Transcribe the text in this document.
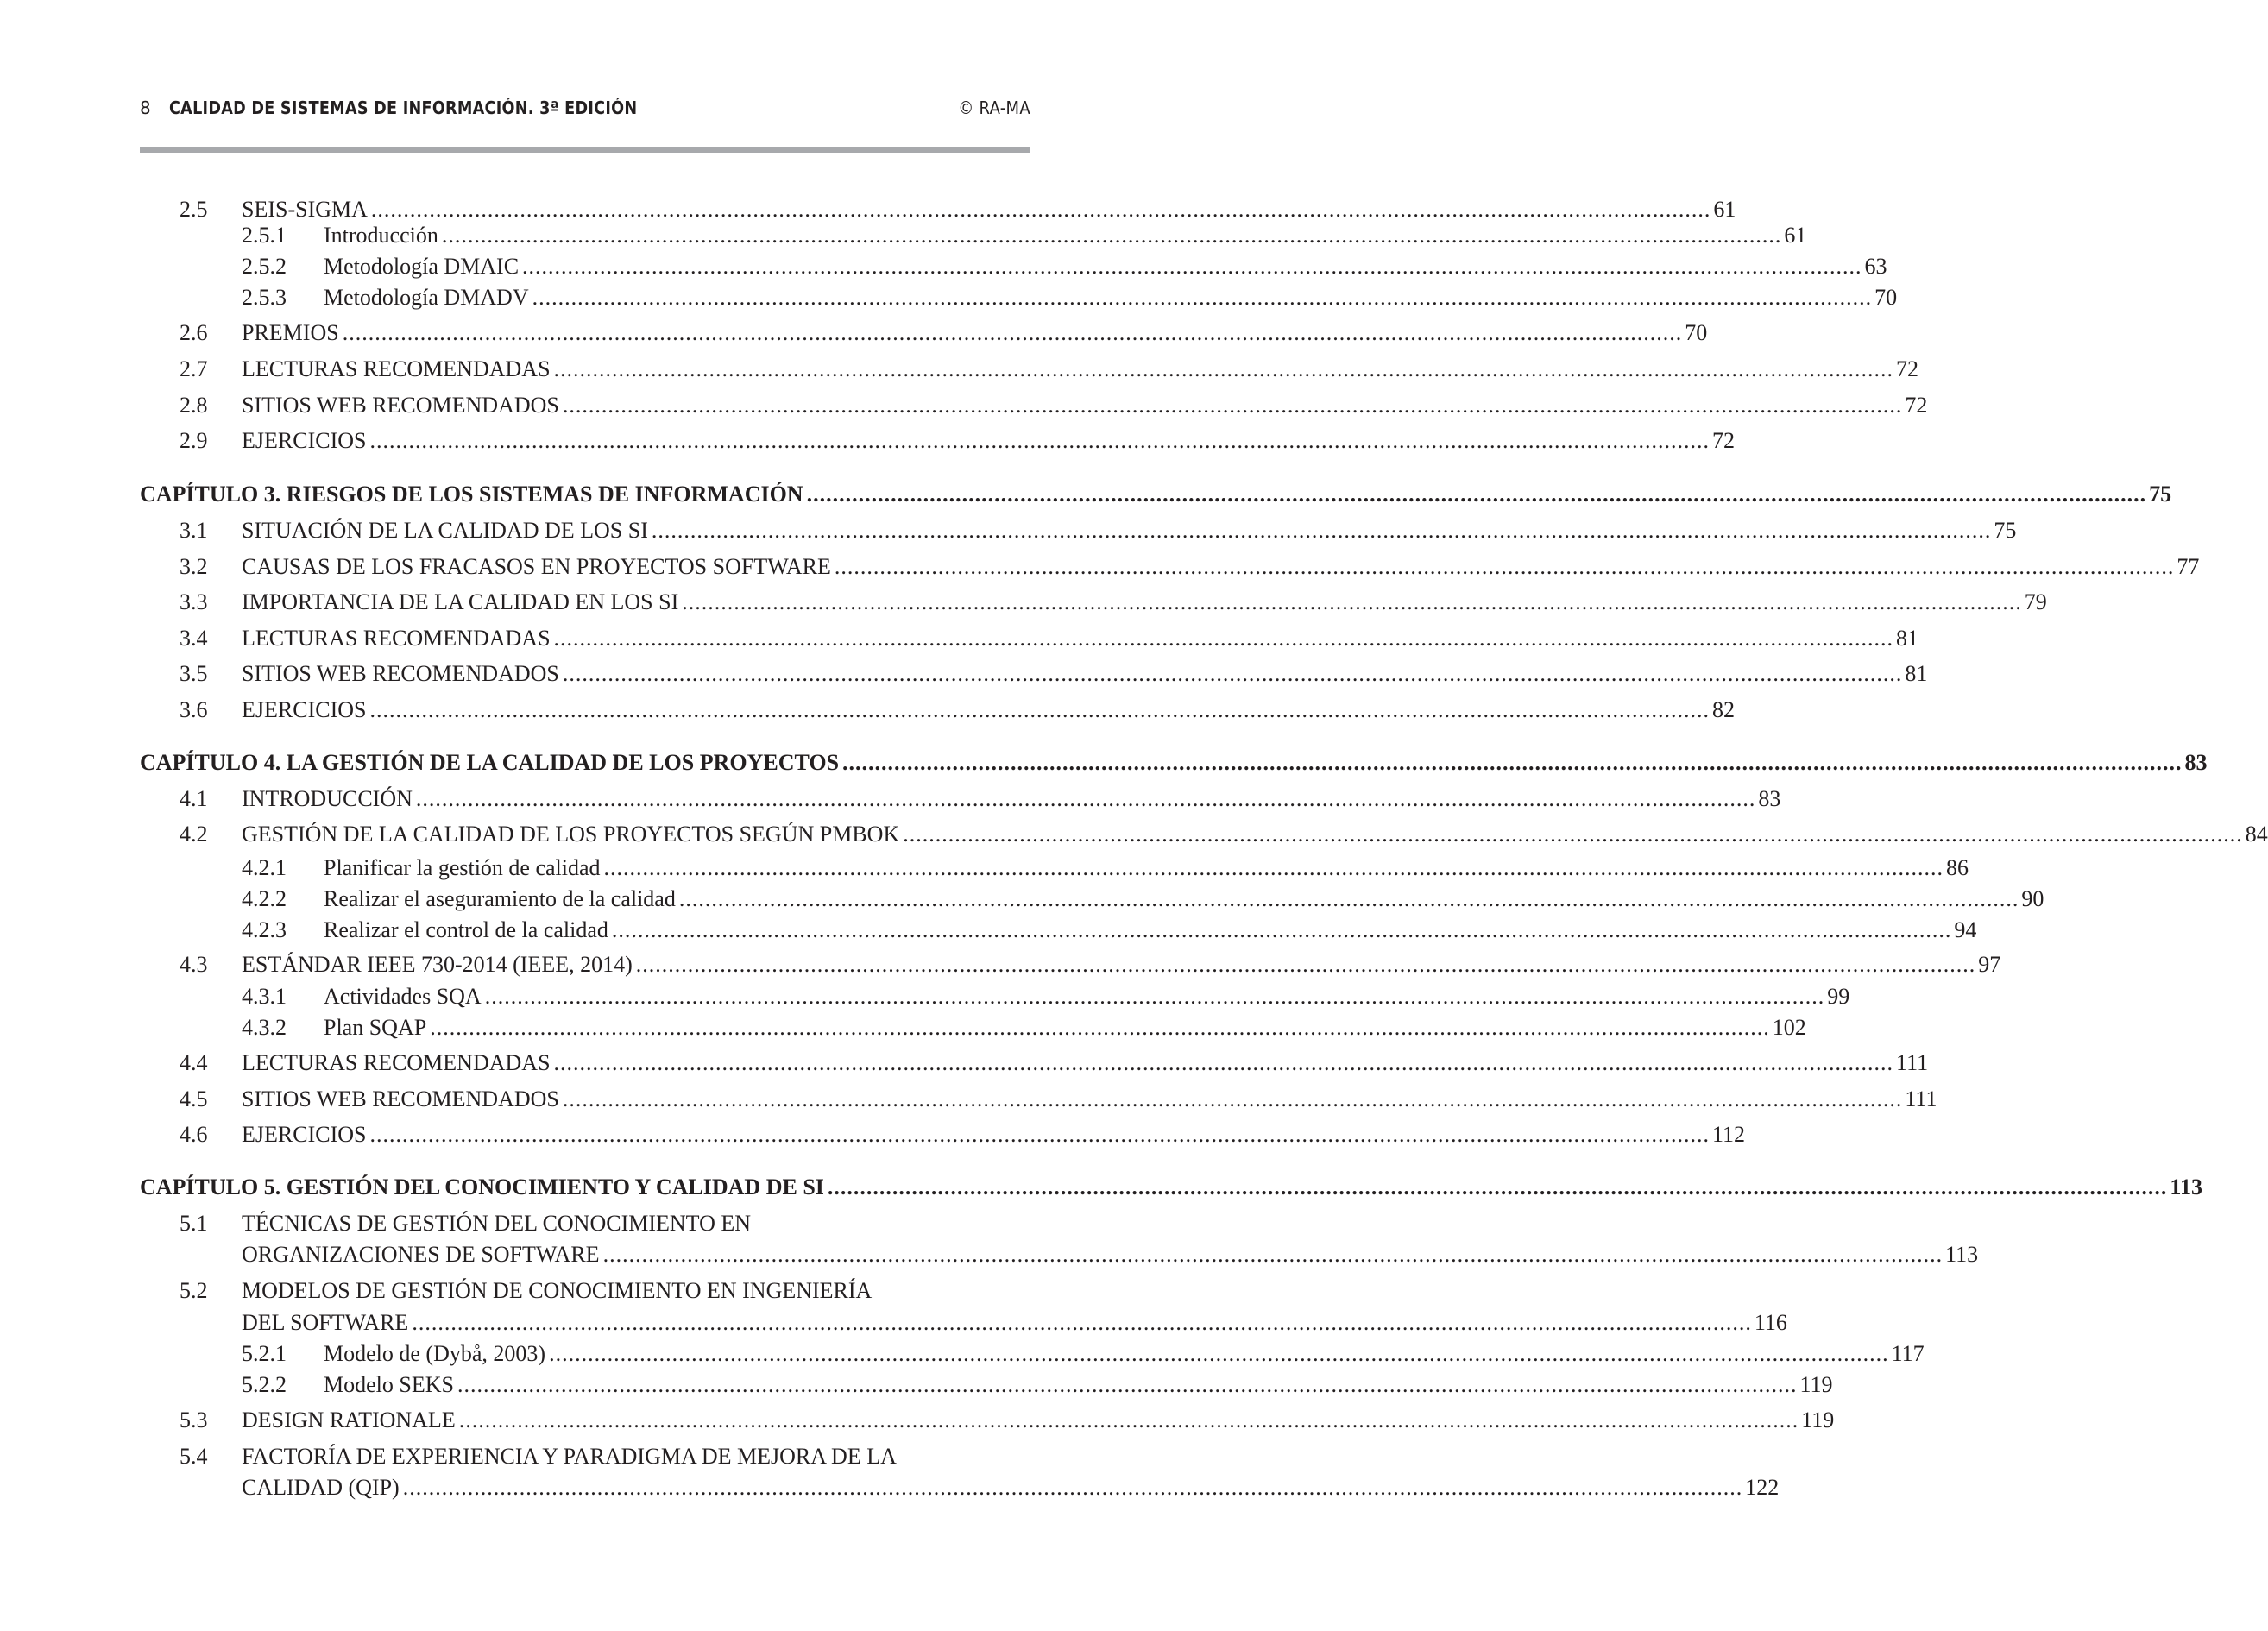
8 CALIDAD DE SISTEMAS DE INFORMACIÓN. 3ª EDICIÓN	© RA-MA
2.5 SEIS-SIGMA ............................................................................................................................................................................................................... 61
2.5.1 Introducción ............................................................................................................................................................................................................... 61
2.5.2 Metodología DMAIC ............................................................................................................................................................................................................... 63
2.5.3 Metodología DMADV ............................................................................................................................................................................................................... 70
2.6 PREMIOS ............................................................................................................................................................................................................... 70
2.7 LECTURAS RECOMENDADAS ............................................................................................................................................................................................................... 72
2.8 SITIOS WEB RECOMENDADOS ............................................................................................................................................................................................................... 72
2.9 EJERCICIOS ............................................................................................................................................................................................................... 72
CAPÍTULO 3. RIESGOS DE LOS SISTEMAS DE INFORMACIÓN ............................................................................................................................................................................................................... 75
3.1 SITUACIÓN DE LA CALIDAD DE LOS SI ............................................................................................................................................................................................................... 75
3.2 CAUSAS DE LOS FRACASOS EN PROYECTOS SOFTWARE ............................................................................................................................................................................................................... 77
3.3 IMPORTANCIA DE LA CALIDAD EN LOS SI ............................................................................................................................................................................................................... 79
3.4 LECTURAS RECOMENDADAS ............................................................................................................................................................................................................... 81
3.5 SITIOS WEB RECOMENDADOS ............................................................................................................................................................................................................... 81
3.6 EJERCICIOS ............................................................................................................................................................................................................... 82
CAPÍTULO 4. LA GESTIÓN DE LA CALIDAD DE LOS PROYECTOS ............................................................................................................................................................................................................... 83
4.1 INTRODUCCIÓN ............................................................................................................................................................................................................... 83
4.2 GESTIÓN DE LA CALIDAD DE LOS PROYECTOS SEGÚN PMBOK ............................................................................................................................................................................................................... 84
4.2.1 Planificar la gestión de calidad ............................................................................................................................................................................................................... 86
4.2.2 Realizar el aseguramiento de la calidad ............................................................................................................................................................................................................... 90
4.2.3 Realizar el control de la calidad ............................................................................................................................................................................................................... 94
4.3 ESTÁNDAR IEEE 730-2014 (IEEE, 2014) ............................................................................................................................................................................................................... 97
4.3.1 Actividades SQA ............................................................................................................................................................................................................... 99
4.3.2 Plan SQAP ............................................................................................................................................................................................................... 102
4.4 LECTURAS RECOMENDADAS ............................................................................................................................................................................................................... 111
4.5 SITIOS WEB RECOMENDADOS ............................................................................................................................................................................................................... 111
4.6 EJERCICIOS ............................................................................................................................................................................................................... 112
CAPÍTULO 5. GESTIÓN DEL CONOCIMIENTO Y CALIDAD DE SI ............................................................................................................................................................................................................... 113
5.1 TÉCNICAS DE GESTIÓN DEL CONOCIMIENTO EN
ORGANIZACIONES DE SOFTWARE ............................................................................................................................................................................................................... 113
5.2 MODELOS DE GESTIÓN DE CONOCIMIENTO EN INGENIERÍA
DEL SOFTWARE ............................................................................................................................................................................................................... 116
5.2.1 Modelo de (Dybå, 2003) ............................................................................................................................................................................................................... 117
5.2.2 Modelo SEKS ............................................................................................................................................................................................................... 119
5.3 DESIGN RATIONALE ............................................................................................................................................................................................................... 119
5.4 FACTORÍA DE EXPERIENCIA Y PARADIGMA DE MEJORA DE LA
CALIDAD (QIP) ............................................................................................................................................................................................................... 122
